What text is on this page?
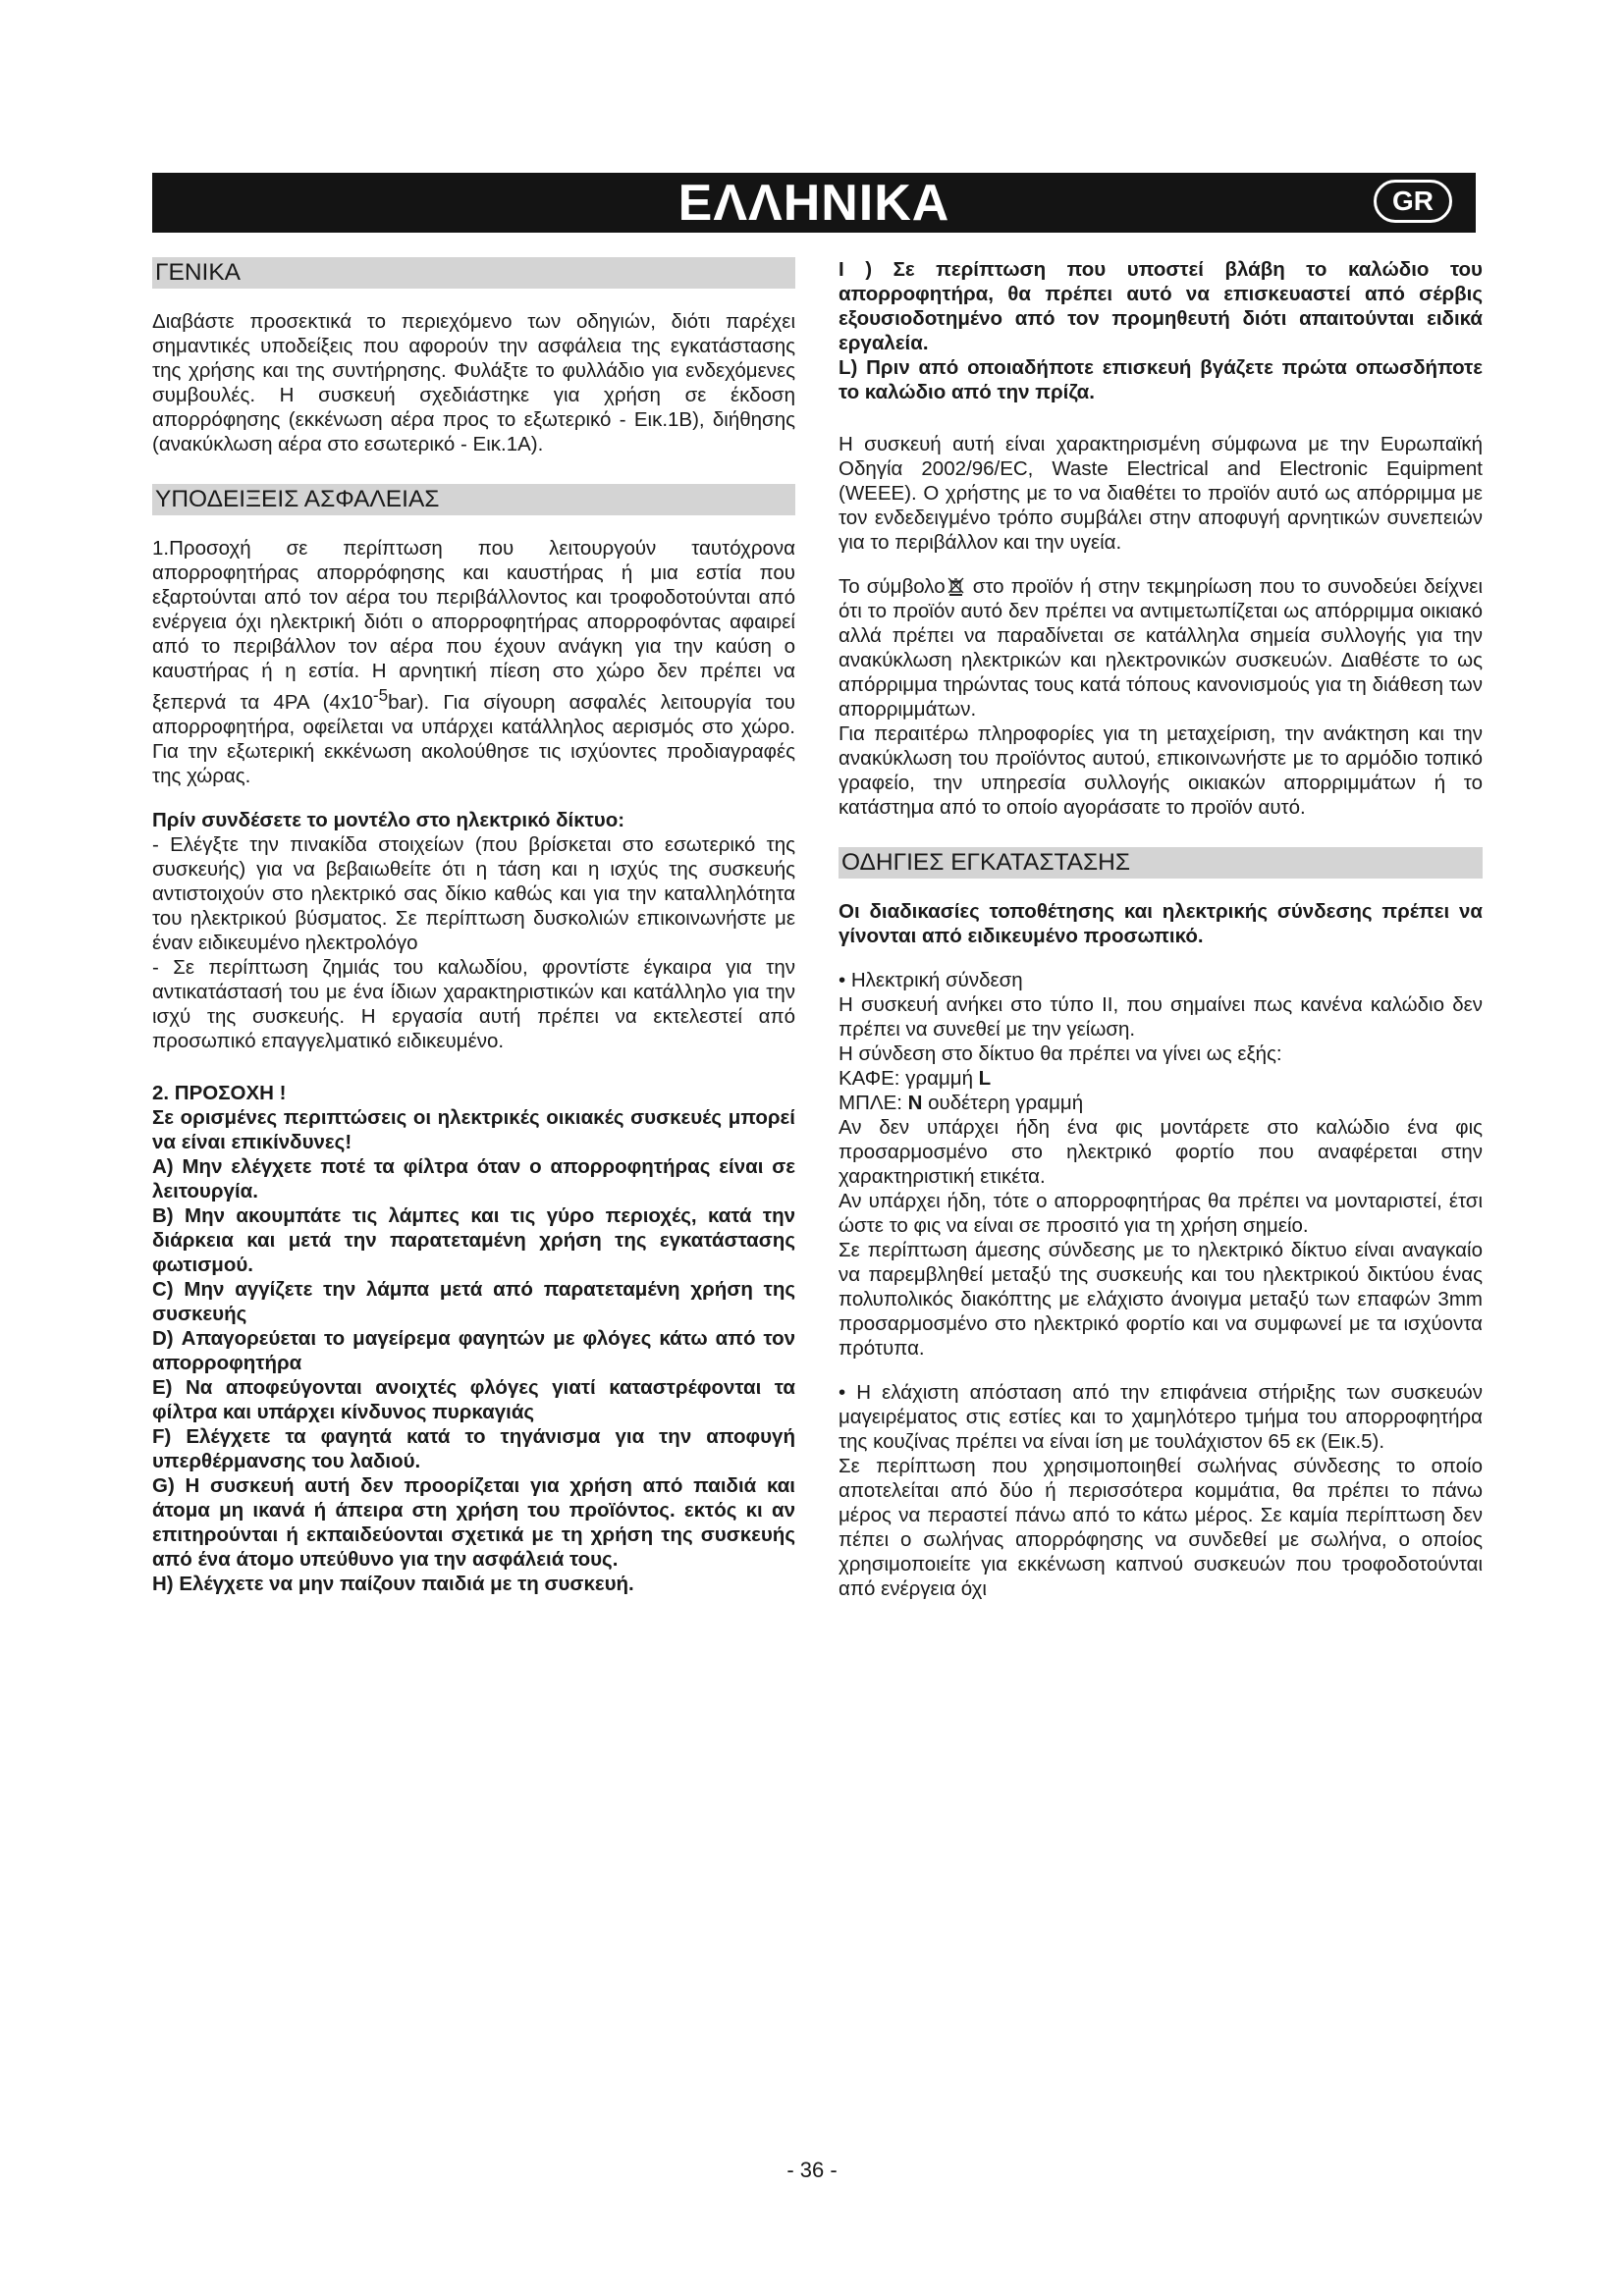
ΕΛΛΗΝΙΚΑ	GR
ΓΕΝΙΚΑ

Διαβάστε προσεκτικά το περιεχόμενο των οδηγιών, διότι παρέχει σημαντικές υποδείξεις που αφορούν την ασφάλεια της εγκατάστασης της χρήσης και της συντήρησης. Φυλάξτε το φυλλάδιο για ενδεχόμενες συμβουλές. Η συσκευή σχεδιάστηκε για χρήση σε έκδοση απορρόφησης (εκκένωση αέρα προς το εξωτερικό - Εικ.1Β), διήθησης (ανακύκλωση αέρα στο εσωτερικό - Εικ.1Α).

ΥΠΟΔΕΙΞΕΙΣ ΑΣΦΑΛΕΙΑΣ

1.Προσοχή σε περίπτωση που λειτουργούν ταυτόχρονα απορροφητήρας απορρόφησης και καυστήρας ή μια εστία που εξαρτούνται από τον αέρα του περιβάλλοντος και τροφοδοτούνται από ενέργεια όχι ηλεκτρική διότι ο απορροφητήρας απορροφόντας αφαιρεί από το περιβάλλον τον αέρα που έχουν ανάγκη για την καύση ο καυστήρας ή η εστία. Η αρνητική πίεση στο χώρο δεν πρέπει να ξεπερνά τα 4PA $(4x10^{-5}bar)$. Για σίγουρη ασφαλές λειτουργία του απορροφητήρα, οφείλεται να υπάρχει κατάλληλος αερισμός στο χώρο. Για την εξωτερική εκκένωση ακολούθησε τις ισχύοντες προδιαγραφές της χώρας.

Πρίν συνδέσετε το μοντέλο στο ηλεκτρικό δίκτυο:

- Ελέγξτε την πινακίδα στοιχείων (που βρίσκεται στο εσωτερικό της συσκευής) για να βεβαιωθείτε ότι η τάση και η ισχύς της συσκευής αντιστοιχούν στο ηλεκτρικό σας δίκιο καθώς και για την καταλληλότητα του ηλεκτρικού βύσματος. Σε περίπτωση δυσκολιών επικοινωνήστε με έναν ειδικευμένο ηλεκτρολόγο

- Σε περίπτωση ζημιάς του καλωδίου, φροντίστε έγκαιρα για την αντικατάστασή του με ένα ίδιων χαρακτηριστικών και κατάλληλο για την ισχύ της συσκευής. Η εργασία αυτή πρέπει να εκτελεστεί από προσωπικό επαγγελματικό ειδικευμένο.

2. ΠΡΟΣΟΧΗ !

Σε ορισμένες περιπτώσεις οι ηλεκτρικές οικιακές συσκευές μπορεί να είναι επικίνδυνες!

A) Μην ελέγχετε ποτέ τα φίλτρα όταν ο απορροφητήρας είναι σε λειτουργία.

B) Μην ακουμπάτε τις λάμπες και τις γύρο περιοχές, κατά την διάρκεια και μετά την παρατεταμένη χρήση της εγκατάστασης φωτισμού.

C) Μην αγγίζετε την λάμπα μετά από παρατεταμένη χρήση της συσκευής

D) Απαγορεύεται το μαγείρεμα φαγητών με φλόγες κάτω από τον απορροφητήρα

E) Να αποφεύγονται ανοιχτές φλόγες γιατί καταστρέφονται τα φίλτρα και υπάρχει κίνδυνος πυρκαγιάς

F) Ελέγχετε τα φαγητά κατά το τηγάνισμα για την αποφυγή υπερθέρμανσης του λαδιού.

G) Η συσκευή αυτή δεν προορίζεται για χρήση από παιδιά και άτομα μη ικανά ή άπειρα στη χρήση του προϊόντος. εκτός κι αν επιτηρούνται ή εκπαιδεύονται σχετικά με τη χρήση της συσκευής από ένα άτομο υπεύθυνο για την ασφάλειά τους.

H) Ελέγχετε να μην παίζουν παιδιά με τη συσκευή.

I ) Σε περίπτωση που υποστεί βλάβη το καλώδιο του απορροφητήρα, θα πρέπει αυτό να επισκευαστεί από σέρβις εξουσιοδοτημένο από τον προμηθευτή διότι απαιτούνται ειδικά εργαλεία.

L) Πριν από οποιαδήποτε επισκευή βγάζετε πρώτα οπωσδήποτε το καλώδιο από την πρίζα.

Η συσκευή αυτή είναι χαρακτηρισμένη σύμφωνα με την Ευρωπαϊκή Οδηγία 2002/96/EC, Waste Electrical and Electronic Equipment (WEEE). Ο χρήστης με το να διαθέτει το προϊόν αυτό ως απόρριμμα με τον ενδεδειγμένο τρόπο συμβάλει στην αποφυγή αρνητικών συνεπειών για το περιβάλλον και την υγεία.

Το σύμβολο στο προϊόν ή στην τεκμηρίωση που το συνοδεύει δείχνει ότι το προϊόν αυτό δεν πρέπει να αντιμετωπίζεται ως απόρριμμα οικιακό αλλά πρέπει να παραδίνεται σε κατάλληλα σημεία συλλογής για την ανακύκλωση ηλεκτρικών και ηλεκτρονικών συσκευών. Διαθέστε το ως απόρριμμα τηρώντας τους κατά τόπους κανονισμούς για τη διάθεση των απορριμμάτων.

Για περαιτέρω πληροφορίες για τη μεταχείριση, την ανάκτηση και την ανακύκλωση του προϊόντος αυτού, επικοινωνήστε με το αρμόδιο τοπικό γραφείο, την υπηρεσία συλλογής οικιακών απορριμμάτων ή το κατάστημα από το οποίο αγοράσατε το προϊόν αυτό.

ΟΔΗΓΙΕΣ ΕΓΚΑΤΑΣΤΑΣΗΣ

Οι διαδικασίες τοποθέτησης και ηλεκτρικής σύνδεσης πρέπει να γίνονται από ειδικευμένο προσωπικό.

• Ηλεκτρική σύνδεση

Η συσκευή ανήκει στο τύπο ΙΙ, που σημαίνει πως κανένα καλώδιο δεν πρέπει να συνεθεί με την γείωση.

Η σύνδεση στο δίκτυο θα πρέπει να γίνει ως εξής:

ΚΑΦΕ: γραμμή L

ΜΠΛΕ: N ουδέτερη γραμμή

Αν δεν υπάρχει ήδη ένα φις μοντάρετε στο καλώδιο ένα φις προσαρμοσμένο στο ηλεκτρικό φορτίο που αναφέρεται στην χαρακτηριστική ετικέτα.

Αν υπάρχει ήδη, τότε ο απορροφητήρας θα πρέπει να μονταριστεί, έτσι ώστε το φις να είναι σε προσιτό για τη χρήση σημείο.

Σε περίπτωση άμεσης σύνδεσης με το ηλεκτρικό δίκτυο είναι αναγκαίο να παρεμβληθεί μεταξύ της συσκευής και του ηλεκτρικού δικτύου ένας πολυπολικός διακόπτης με ελάχιστο άνοιγμα μεταξύ των επαφών 3mm προσαρμοσμένο στο ηλεκτρικό φορτίο και να συμφωνεί με τα ισχύοντα πρότυπα.

• Η ελάχιστη απόσταση από την επιφάνεια στήριξης των συσκευών μαγειρέματος στις εστίες και το χαμηλότερο τμήμα του απορροφητήρα της κουζίνας πρέπει να είναι ίση με τουλάχιστον 65 εκ (Εικ.5).

Σε περίπτωση που χρησιμοποιηθεί σωλήνας σύνδεσης το οποίο αποτελείται από δύο ή περισσότερα κομμάτια, θα πρέπει το πάνω μέρος να περαστεί πάνω από το κάτω μέρος. Σε καμία περίπτωση δεν πέπει ο σωλήνας απορρόφησης να συνδεθεί με σωλήνα, ο οποίος χρησιμοποιείτε για εκκένωση καπνού συσκευών που τροφοδοτούνται από ενέργεια όχι

- 36 -
